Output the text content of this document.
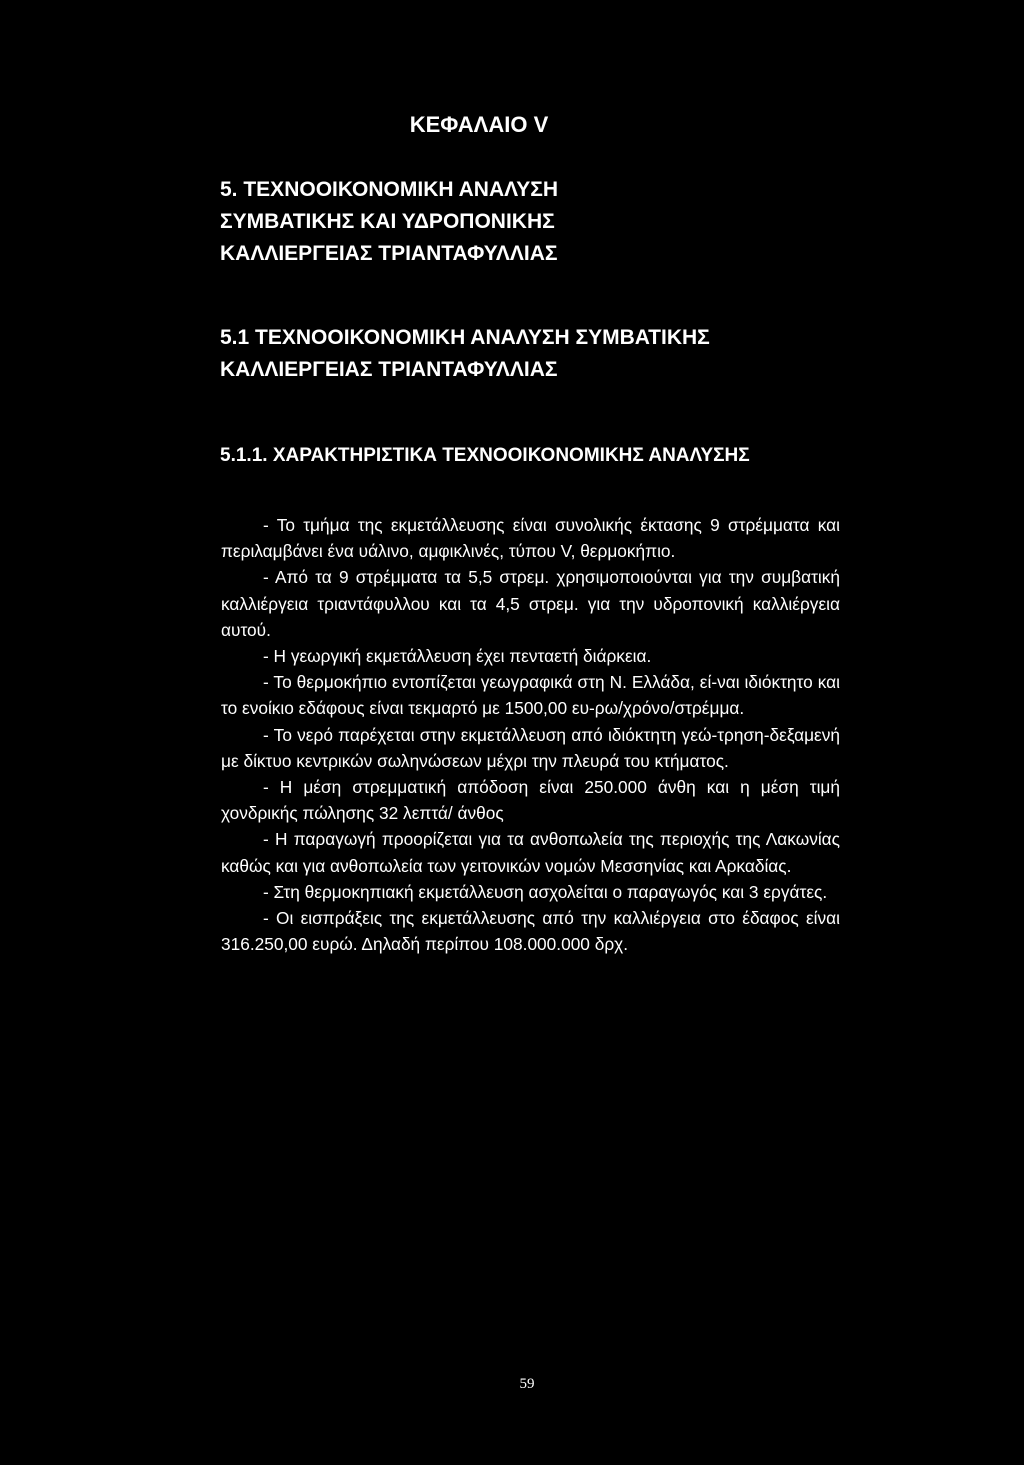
ΚΕΦΑΛΑΙΟ V
5. ΤΕΧΝΟΟΙΚΟΝΟΜΙΚΗ ΑΝΑΛΥΣΗ
ΣΥΜΒΑΤΙΚΗΣ ΚΑΙ ΥΔΡΟΠΟΝΙΚΗΣ
ΚΑΛΛΙΕΡΓΕΙΑΣ ΤΡΙΑΝΤΑΦΥΛΛΙΑΣ
5.1 ΤΕΧΝΟΟΙΚΟΝΟΜΙΚΗ ΑΝΑΛΥΣΗ ΣΥΜΒΑΤΙΚΗΣ
ΚΑΛΛΙΕΡΓΕΙΑΣ ΤΡΙΑΝΤΑΦΥΛΛΙΑΣ
5.1.1. ΧΑΡΑΚΤΗΡΙΣΤΙΚΑ ΤΕΧΝΟΟΙΚΟΝΟΜΙΚΗΣ ΑΝΑΛΥΣΗΣ

- Το τμήμα της εκμετάλλευσης είναι συνολικής έκτασης 9 στρέμματα και περιλαμβάνει ένα υάλινο, αμφικλινές, τύπου V, θερμοκήπιο.

- Από τα 9 στρέμματα τα 5,5 στρεμ. χρησιμοποιούνται για την συμβατική καλλιέργεια τριαντάφυλλου και τα 4,5 στρεμ. για την υδροπονική καλλιέργεια αυτού.

- Η γεωργική εκμετάλλευση έχει πενταετή διάρκεια.

- Το θερμοκήπιο εντοπίζεται γεωγραφικά στη Ν. Ελλάδα, εί-ναι ιδιόκτητο και το ενοίκιο εδάφους είναι τεκμαρτό με 1500,00 ευ-ρω/χρόνο/στρέμμα.

- Το νερό παρέχεται στην εκμετάλλευση από ιδιόκτητη γεώ-τρηση-δεξαμενή με δίκτυο κεντρικών σωληνώσεων μέχρι την πλευρά του κτήματος.

- Η μέση στρεμματική απόδοση είναι 250.000 άνθη και η μέση τιμή χονδρικής πώλησης 32 λεπτά/ άνθος

- Η παραγωγή προορίζεται για τα ανθοπωλεία της περιοχής της Λακωνίας καθώς και για ανθοπωλεία των γειτονικών νομών Μεσσηνίας και Αρκαδίας.

- Στη θερμοκηπιακή εκμετάλλευση ασχολείται ο παραγωγός και 3 εργάτες.

- Οι εισπράξεις της εκμετάλλευσης από την καλλιέργεια στο έδαφος είναι 316.250,00 ευρώ. Δηλαδή περίπου 108.000.000 δρχ.

59
